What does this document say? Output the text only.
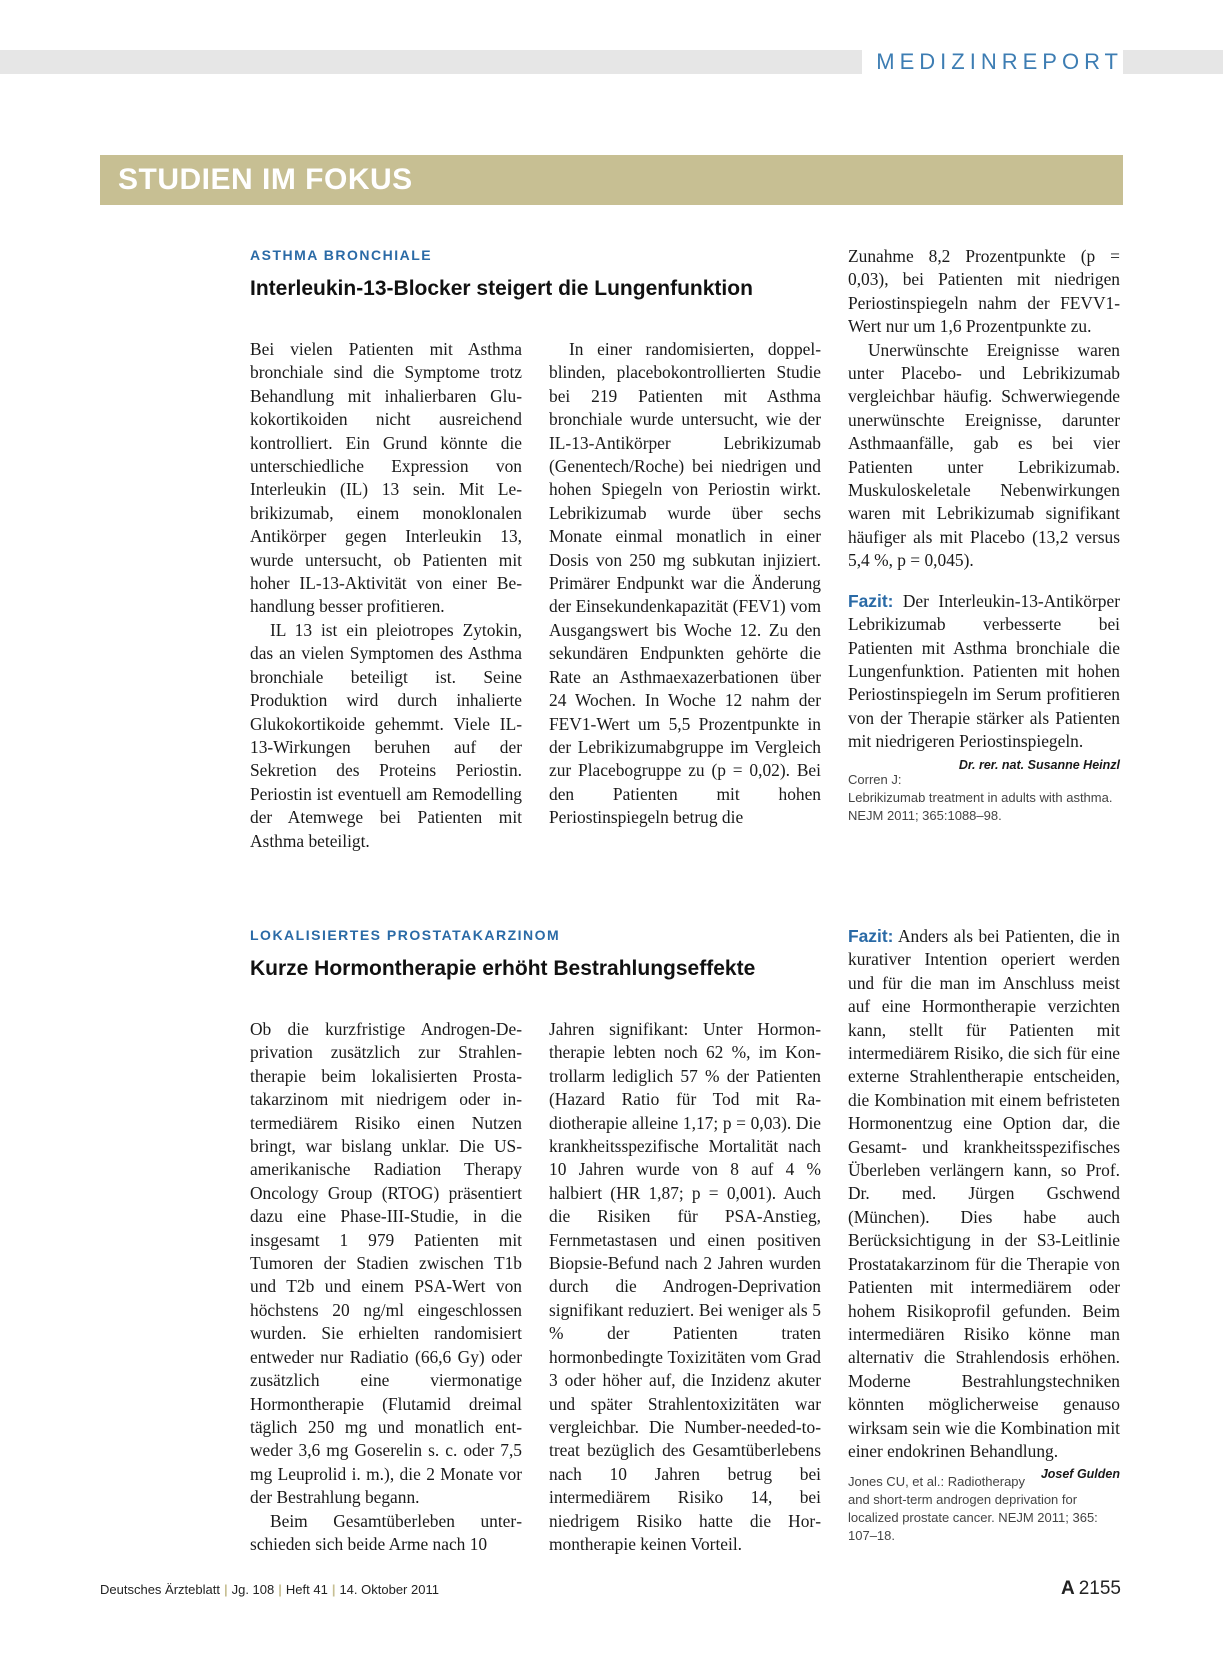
MEDIZINREPORT
STUDIEN IM FOKUS
ASTHMA BRONCHIALE
Interleukin-13-Blocker steigert die Lungenfunktion

Bei vielen Patienten mit Asthma bronchiale sind die Symptome trotz Behandlung mit inhalierbaren Glukokortikoiden nicht ausreichend kontrolliert. Ein Grund könnte die unterschiedliche Expression von Interleukin (IL) 13 sein. Mit Lebrikizumab, einem monoklonalen Antikörper gegen Interleukin 13, wurde untersucht, ob Patienten mit hoher IL-13-Aktivität von einer Behandlung besser profitieren.

IL 13 ist ein pleiotropes Zytokin, das an vielen Symptomen des Asthma bronchiale beteiligt ist. Seine Produktion wird durch inhalierte Glukokortikoide gehemmt. Viele IL-13-Wirkungen beruhen auf der Sekretion des Proteins Periostin. Periostin ist eventuell am Remodelling der Atemwege bei Patienten mit Asthma beteiligt.

In einer randomisierten, doppelblinden, placebokontrollierten Studie bei 219 Patienten mit Asthma bronchiale wurde untersucht, wie der IL-13-Antikörper Lebrikizumab (Genentech/Roche) bei niedrigen und hohen Spiegeln von Periostin wirkt. Lebrikizumab wurde über sechs Monate einmal monatlich in einer Dosis von 250 mg subkutan injiziert. Primärer Endpunkt war die Änderung der Einsekundenkapazität (FEV1) vom Ausgangswert bis Woche 12. Zu den sekundären Endpunkten gehörte die Rate an Asthmaexazerbationen über 24 Wochen. In Woche 12 nahm der FEV1-Wert um 5,5 Prozentpunkte in der Lebrikizumabgruppe im Vergleich zur Placebogruppe zu (p = 0,02). Bei den Patienten mit hohen Periostinspiegeln betrug die

Zunahme 8,2 Prozentpunkte (p = 0,03), bei Patienten mit niedrigen Periostinspiegeln nahm der FEVV1-Wert nur um 1,6 Prozentpunkte zu.

Unerwünschte Ereignisse waren unter Placebo- und Lebrikizumab vergleichbar häufig. Schwerwiegende unerwünschte Ereignisse, darunter Asthmaanfälle, gab es bei vier Patienten unter Lebrikizumab. Muskuloskeletale Nebenwirkungen waren mit Lebrikizumab signifikant häufiger als mit Placebo (13,2 versus 5,4 %, p = 0,045).

Fazit: Der Interleukin-13-Antikörper Lebrikizumab verbesserte bei Patienten mit Asthma bronchiale die Lungenfunktion. Patienten mit hohen Periostinspiegeln im Serum profitieren von der Therapie stärker als Patienten mit niedrigeren Periostinspiegeln.
Dr. rer. nat. Susanne Heinzl

Corren J: Lebrikizumab treatment in adults with asthma. NEJM 2011; 365:1088–98.

LOKALISIERTES PROSTATAKARZINOM
Kurze Hormontherapie erhöht Bestrahlungseffekte

Ob die kurzfristige Androgen-Deprivation zusätzlich zur Strahlentherapie beim lokalisierten Prostatakarzinom mit niedrigem oder intermediärem Risiko einen Nutzen bringt, war bislang unklar. Die US-amerikanische Radiation Therapy Oncology Group (RTOG) präsentiert dazu eine Phase-III-Studie, in die insgesamt 1 979 Patienten mit Tumoren der Stadien zwischen T1b und T2b und einem PSA-Wert von höchstens 20 ng/ml eingeschlossen wurden. Sie erhielten randomisiert entweder nur Radiatio (66,6 Gy) oder zusätzlich eine viermonatige Hormontherapie (Flutamid dreimal täglich 250 mg und monatlich entweder 3,6 mg Goserelin s. c. oder 7,5 mg Leuprolid i. m.), die 2 Monate vor der Bestrahlung begann.

Beim Gesamtüberleben unterschieden sich beide Arme nach 10

Jahren signifikant: Unter Hormontherapie lebten noch 62 %, im Kontrollarm lediglich 57 % der Patienten (Hazard Ratio für Tod mit Radiotherapie alleine 1,17; p = 0,03). Die krankheitsspezifische Mortalität nach 10 Jahren wurde von 8 auf 4 % halbiert (HR 1,87; p = 0,001). Auch die Risiken für PSA-Anstieg, Fernmetastasen und einen positiven Biopsie-Befund nach 2 Jahren wurden durch die Androgen-Deprivation signifikant reduziert. Bei weniger als 5 % der Patienten traten hormonbedingte Toxizitäten vom Grad 3 oder höher auf, die Inzidenz akuter und später Strahlentoxizitäten war vergleichbar. Die Number-needed-to-treat bezüglich des Gesamtüberlebens nach 10 Jahren betrug bei intermediärem Risiko 14, bei niedrigem Risiko hatte die Hormontherapie keinen Vorteil.

Fazit: Anders als bei Patienten, die in kurativer Intention operiert werden und für die man im Anschluss meist auf eine Hormontherapie verzichten kann, stellt für Patienten mit intermediärem Risiko, die sich für eine externe Strahlentherapie entscheiden, die Kombination mit einem befristeten Hormonentzug eine Option dar, die Gesamt- und krankheitsspezifisches Überleben verlängern kann, so Prof. Dr. med. Jürgen Gschwend (München). Dies habe auch Berücksichtigung in der S3-Leitlinie Prostatakarzinom für die Therapie von Patienten mit intermediärem oder hohem Risikoprofil gefunden. Beim intermediären Risiko könne man alternativ die Strahlendosis erhöhen. Moderne Bestrahlungstechniken könnten möglicherweise genauso wirksam sein wie die Kombination mit einer endokrinen Behandlung.
Josef Gulden

Jones CU, et al.: Radiotherapy and short-term androgen deprivation for localized prostate cancer. NEJM 2011; 365: 107–18.

Deutsches Ärzteblatt | Jg. 108 | Heft 41 | 14. Oktober 2011	A 2155
